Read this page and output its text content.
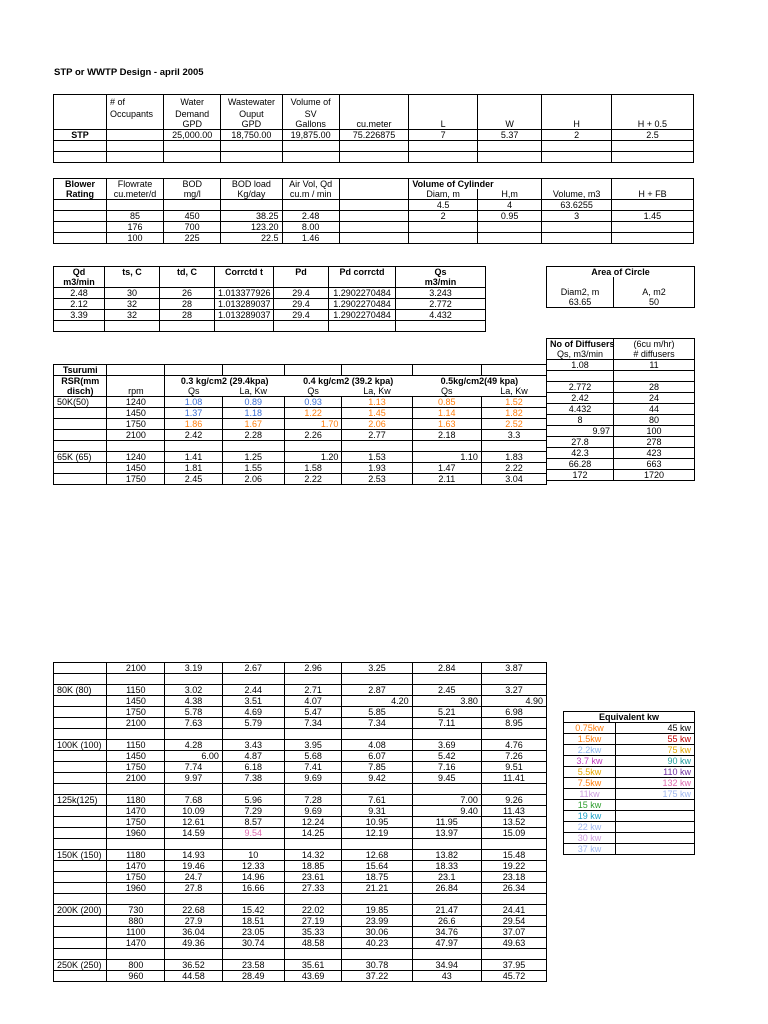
STP or WWTP Design - april 2005
	# of	Water	Wastewater	Volume of					
	Occupants	Demand	Ouput	SV					
		GPD	GPD	Gallons	cu.meter	L	W	H	H + 0.5
STP		25,000.00	18,750.00	19,875.00	75.226875	7	5.37	2	2.5

Blower	Flowrate	BOD	BOD load	Air Vol, Qd		Volume of Cylinder			
Rating	cu.meter/d	mg/l	Kg/day	cu.m / min		Diam, m	H,m	Volume, m3	H + FB
						4.5	4	63.6255	
	85	450	38.25	2.48		2	0.95	3	1.45
	176	700	123.20	8.00					
	100	225	22.5	1.46					
Qd	ts, C	td, C	Corrctd t	Pd	Pd corrctd	Qs
m3/min						m3/min
2.48	30	26	1.013377926	29.4	1.2902270484	3.243
2.12	32	28	1.013289037	29.4	1.2902270484	2.772
3.39	32	28	1.013289037	29.4	1.2902270484	4.432

Area of Circle	

Diam2, m	A, m2
63.65	50

No of Diffusers	(6cu m/hr)
Qs, m3/min	# diffusers
1.08	11

2.772	28
2.42	24
4.432	44
8	80
9.97	100
27.8	278
42.3	423
66.28	663
172	1720
Tsurumi							
RSR(mm		0.3 kg/cm2 (29.4kpa)		0.4 kg/cm2 (39.2 kpa)		0.5kg/cm2(49 kpa)	
disch)	rpm	Qs	La, Kw	Qs	La, Kw	Qs	La, Kw
50K(50)	1240	1.08	0.89	0.93	1.13	0.85	1.52
	1450	1.37	1.18	1.22	1.45	1.14	1.82
	1750	1.86	1.67	1.70	2.06	1.63	2.52
	2100	2.42	2.28	2.26	2.77	2.18	3.3

65K (65)	1240	1.41	1.25	1.20	1.53	1.10	1.83
	1450	1.81	1.55	1.58	1.93	1.47	2.22
	1750	2.45	2.06	2.22	2.53	2.11	3.04
	2100	3.19	2.67	2.96	3.25	2.84	3.87

80K (80)	1150	3.02	2.44	2.71	2.87	2.45	3.27
	1450	4.38	3.51	4.07	4.20	3.80	4.90
	1750	5.78	4.69	5.47	5.85	5.21	6.98
	2100	7.63	5.79	7.34	7.34	7.11	8.95

100K (100)	1150	4.28	3.43	3.95	4.08	3.69	4.76
	1450	6.00	4.87	5.68	6.07	5.42	7.26
	1750	7.74	6.18	7.41	7.85	7.16	9.51
	2100	9.97	7.38	9.69	9.42	9.45	11.41

125k(125)	1180	7.68	5.96	7.28	7.61	7.00	9.26
	1470	10.09	7.29	9.69	9.31	9.40	11.43
	1750	12.61	8.57	12.24	10.95	11.95	13.52
	1960	14.59	9.54	14.25	12.19	13.97	15.09

150K (150)	1180	14.93	10	14.32	12.68	13.82	15.48
	1470	19.46	12.33	18.85	15.64	18.33	19.22
	1750	24.7	14.96	23.61	18.75	23.1	23.18
	1960	27.8	16.66	27.33	21.21	26.84	26.34

200K (200)	730	22.68	15.42	22.02	19.85	21.47	24.41
	880	27.9	18.51	27.19	23.99	26.6	29.54
	1100	36.04	23.05	35.33	30.06	34.76	37.07
	1470	49.36	30.74	48.58	40.23	47.97	49.63

250K (250)	800	36.52	23.58	35.61	30.78	34.94	37.95
	960	44.58	28.49	43.69	37.22	43	45.72
Equivalent kw	
0.75kw	45 kw
1.5kw	55 kw
2.2kw	75 kw
3.7 kw	90 kw
5.5kw	110 kw
7.5kw	132 kw
11kw	175 kw
15 kw	
19 kw	
22 kw	
30 kw	
37 kw	
